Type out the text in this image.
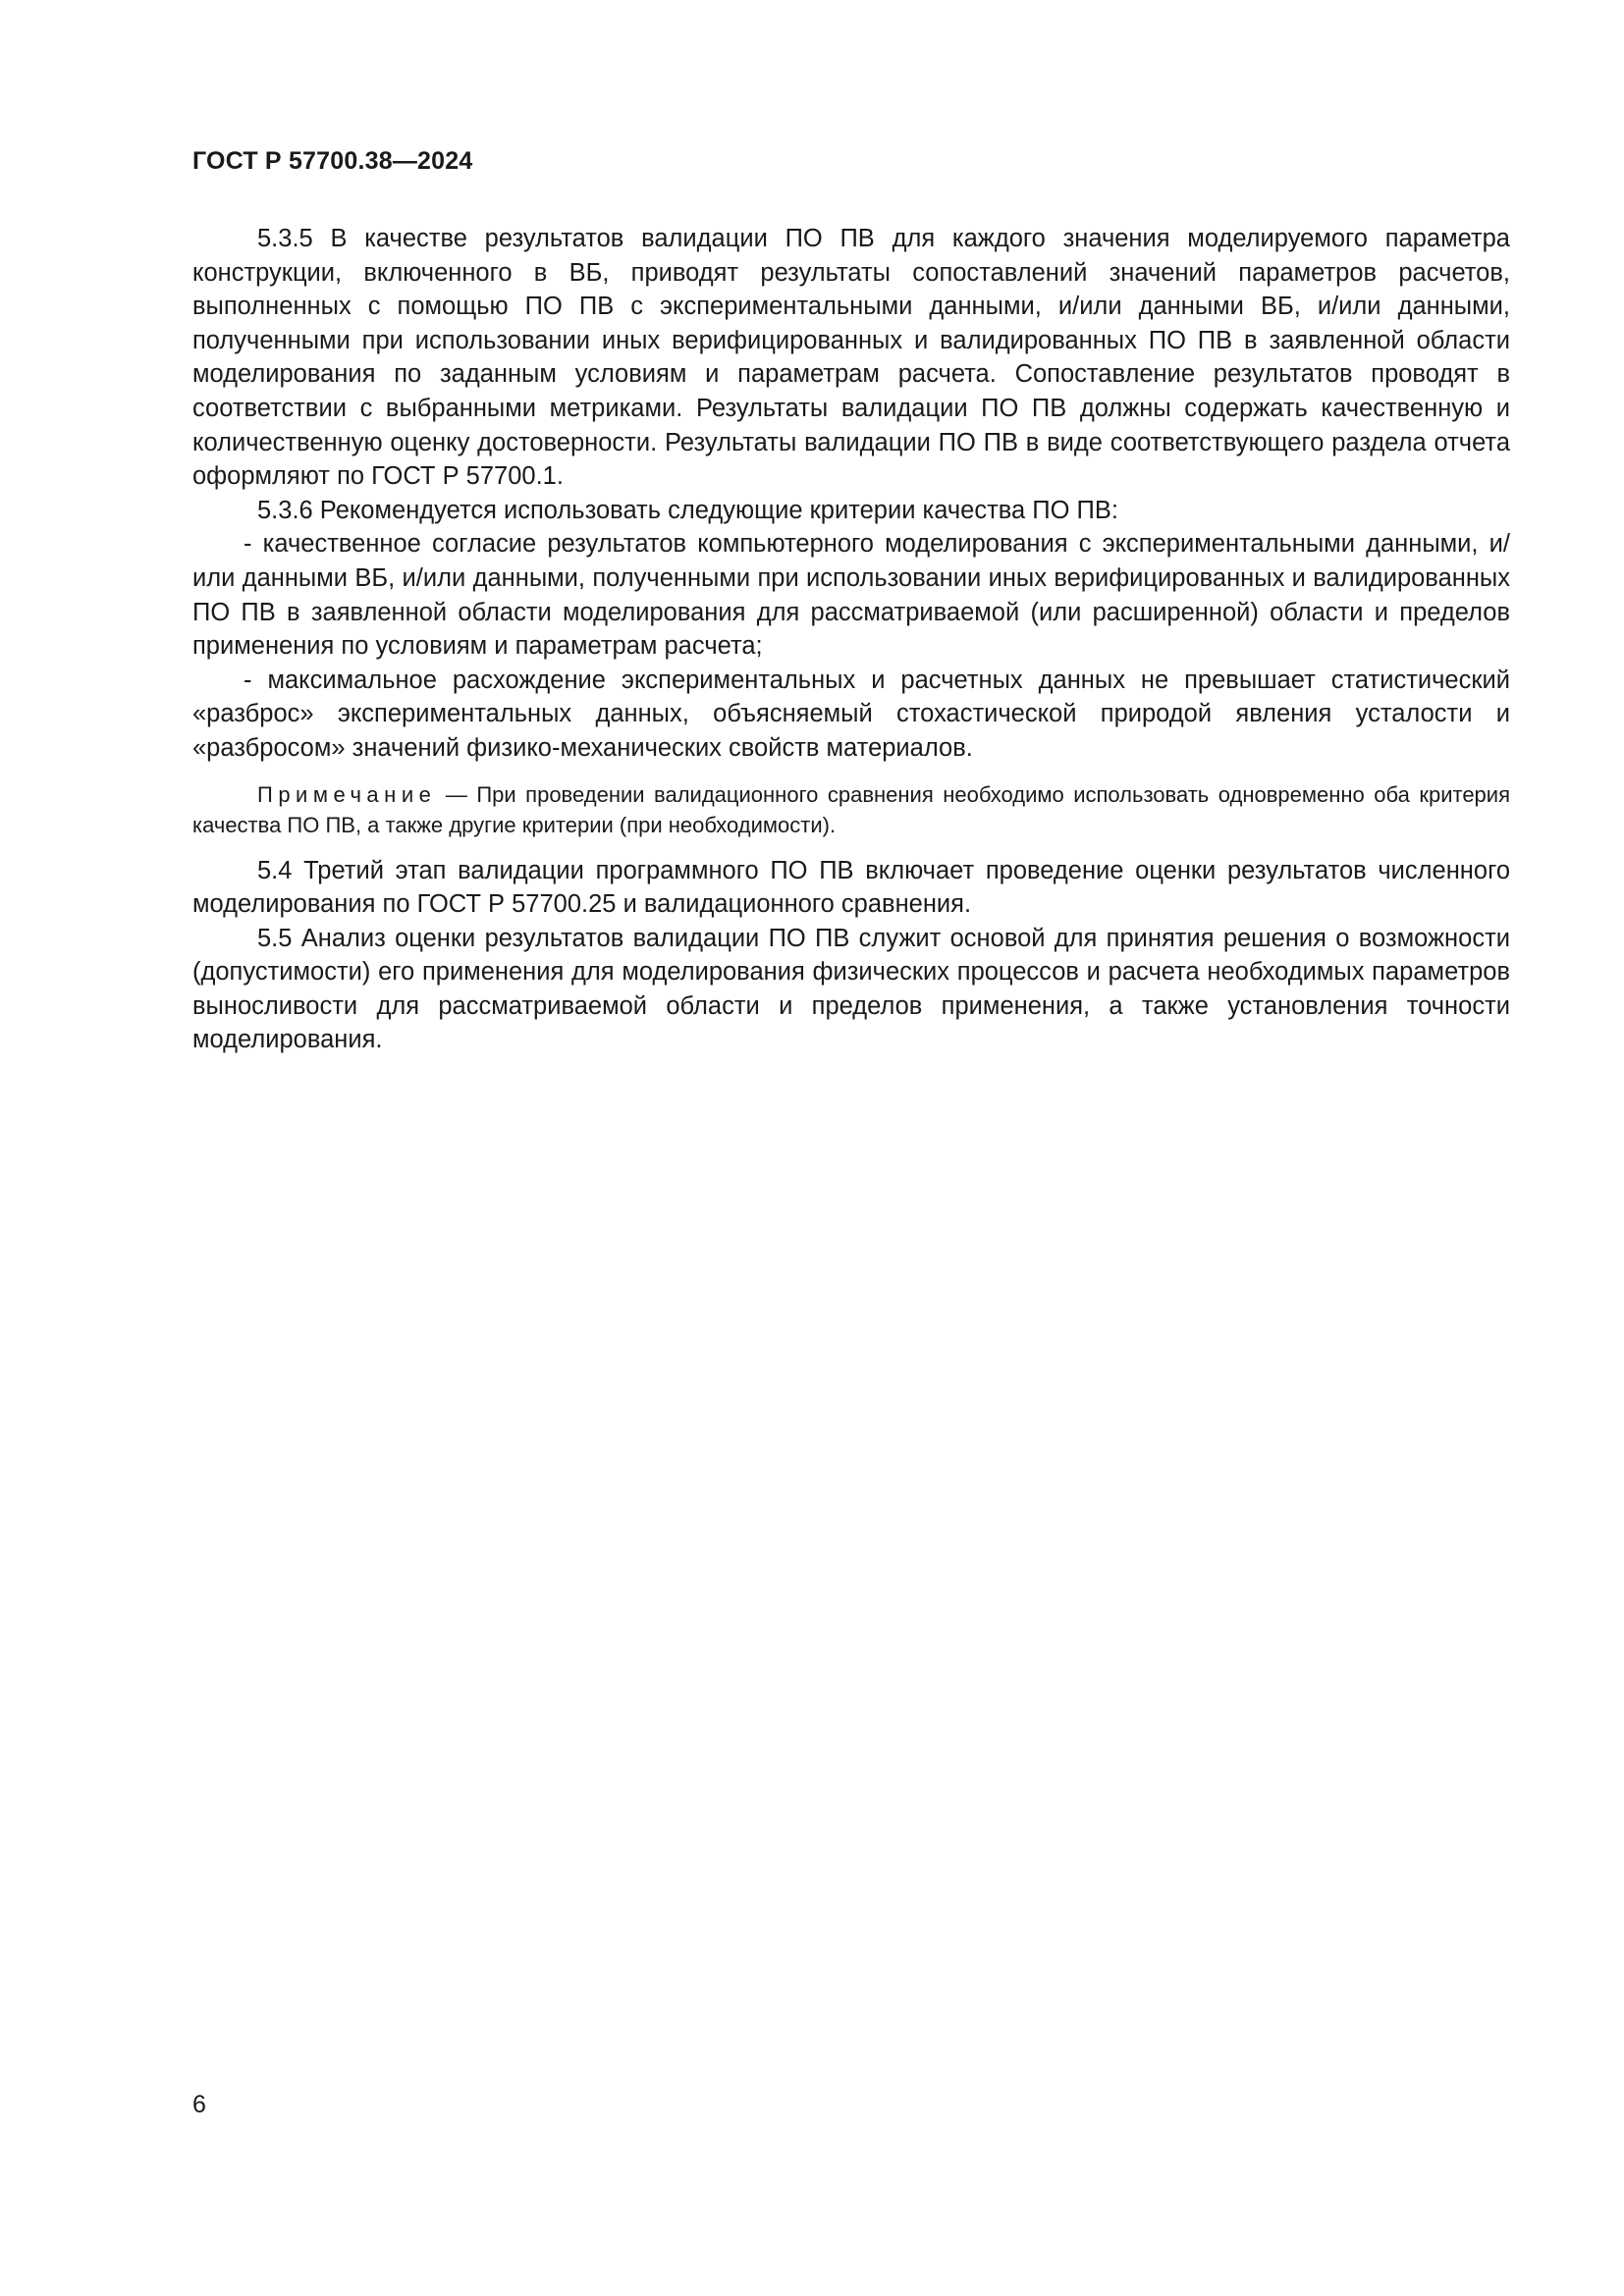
ГОСТ Р 57700.38—2024

5.3.5 В качестве результатов валидации ПО ПВ для каждого значения моделируемого параметра конструкции, включенного в ВБ, приводят результаты сопоставлений значений параметров расчетов, выполненных с помощью ПО ПВ с экспериментальными данными, и/или данными ВБ, и/или данными, полученными при использовании иных верифицированных и валидированных ПО ПВ в заявленной области моделирования по заданным условиям и параметрам расчета. Сопоставление результатов проводят в соответствии с выбранными метриками. Результаты валидации ПО ПВ должны содержать качественную и количественную оценку достоверности. Результаты валидации ПО ПВ в виде соответствующего раздела отчета оформляют по ГОСТ Р 57700.1.

5.3.6 Рекомендуется использовать следующие критерии качества ПО ПВ:

- качественное согласие результатов компьютерного моделирования с экспериментальными данными, и/или данными ВБ, и/или данными, полученными при использовании иных верифицированных и валидированных ПО ПВ в заявленной области моделирования для рассматриваемой (или расширенной) области и пределов применения по условиям и параметрам расчета;

- максимальное расхождение экспериментальных и расчетных данных не превышает статистический «разброс» экспериментальных данных, объясняемый стохастической природой явления усталости и «разбросом» значений физико-механических свойств материалов.

Примечание — При проведении валидационного сравнения необходимо использовать одновременно оба критерия качества ПО ПВ, а также другие критерии (при необходимости).

5.4 Третий этап валидации программного ПО ПВ включает проведение оценки результатов численного моделирования по ГОСТ Р 57700.25 и валидационного сравнения.

5.5 Анализ оценки результатов валидации ПО ПВ служит основой для принятия решения о возможности (допустимости) его применения для моделирования физических процессов и расчета необходимых параметров выносливости для рассматриваемой области и пределов применения, а также установления точности моделирования.

6
